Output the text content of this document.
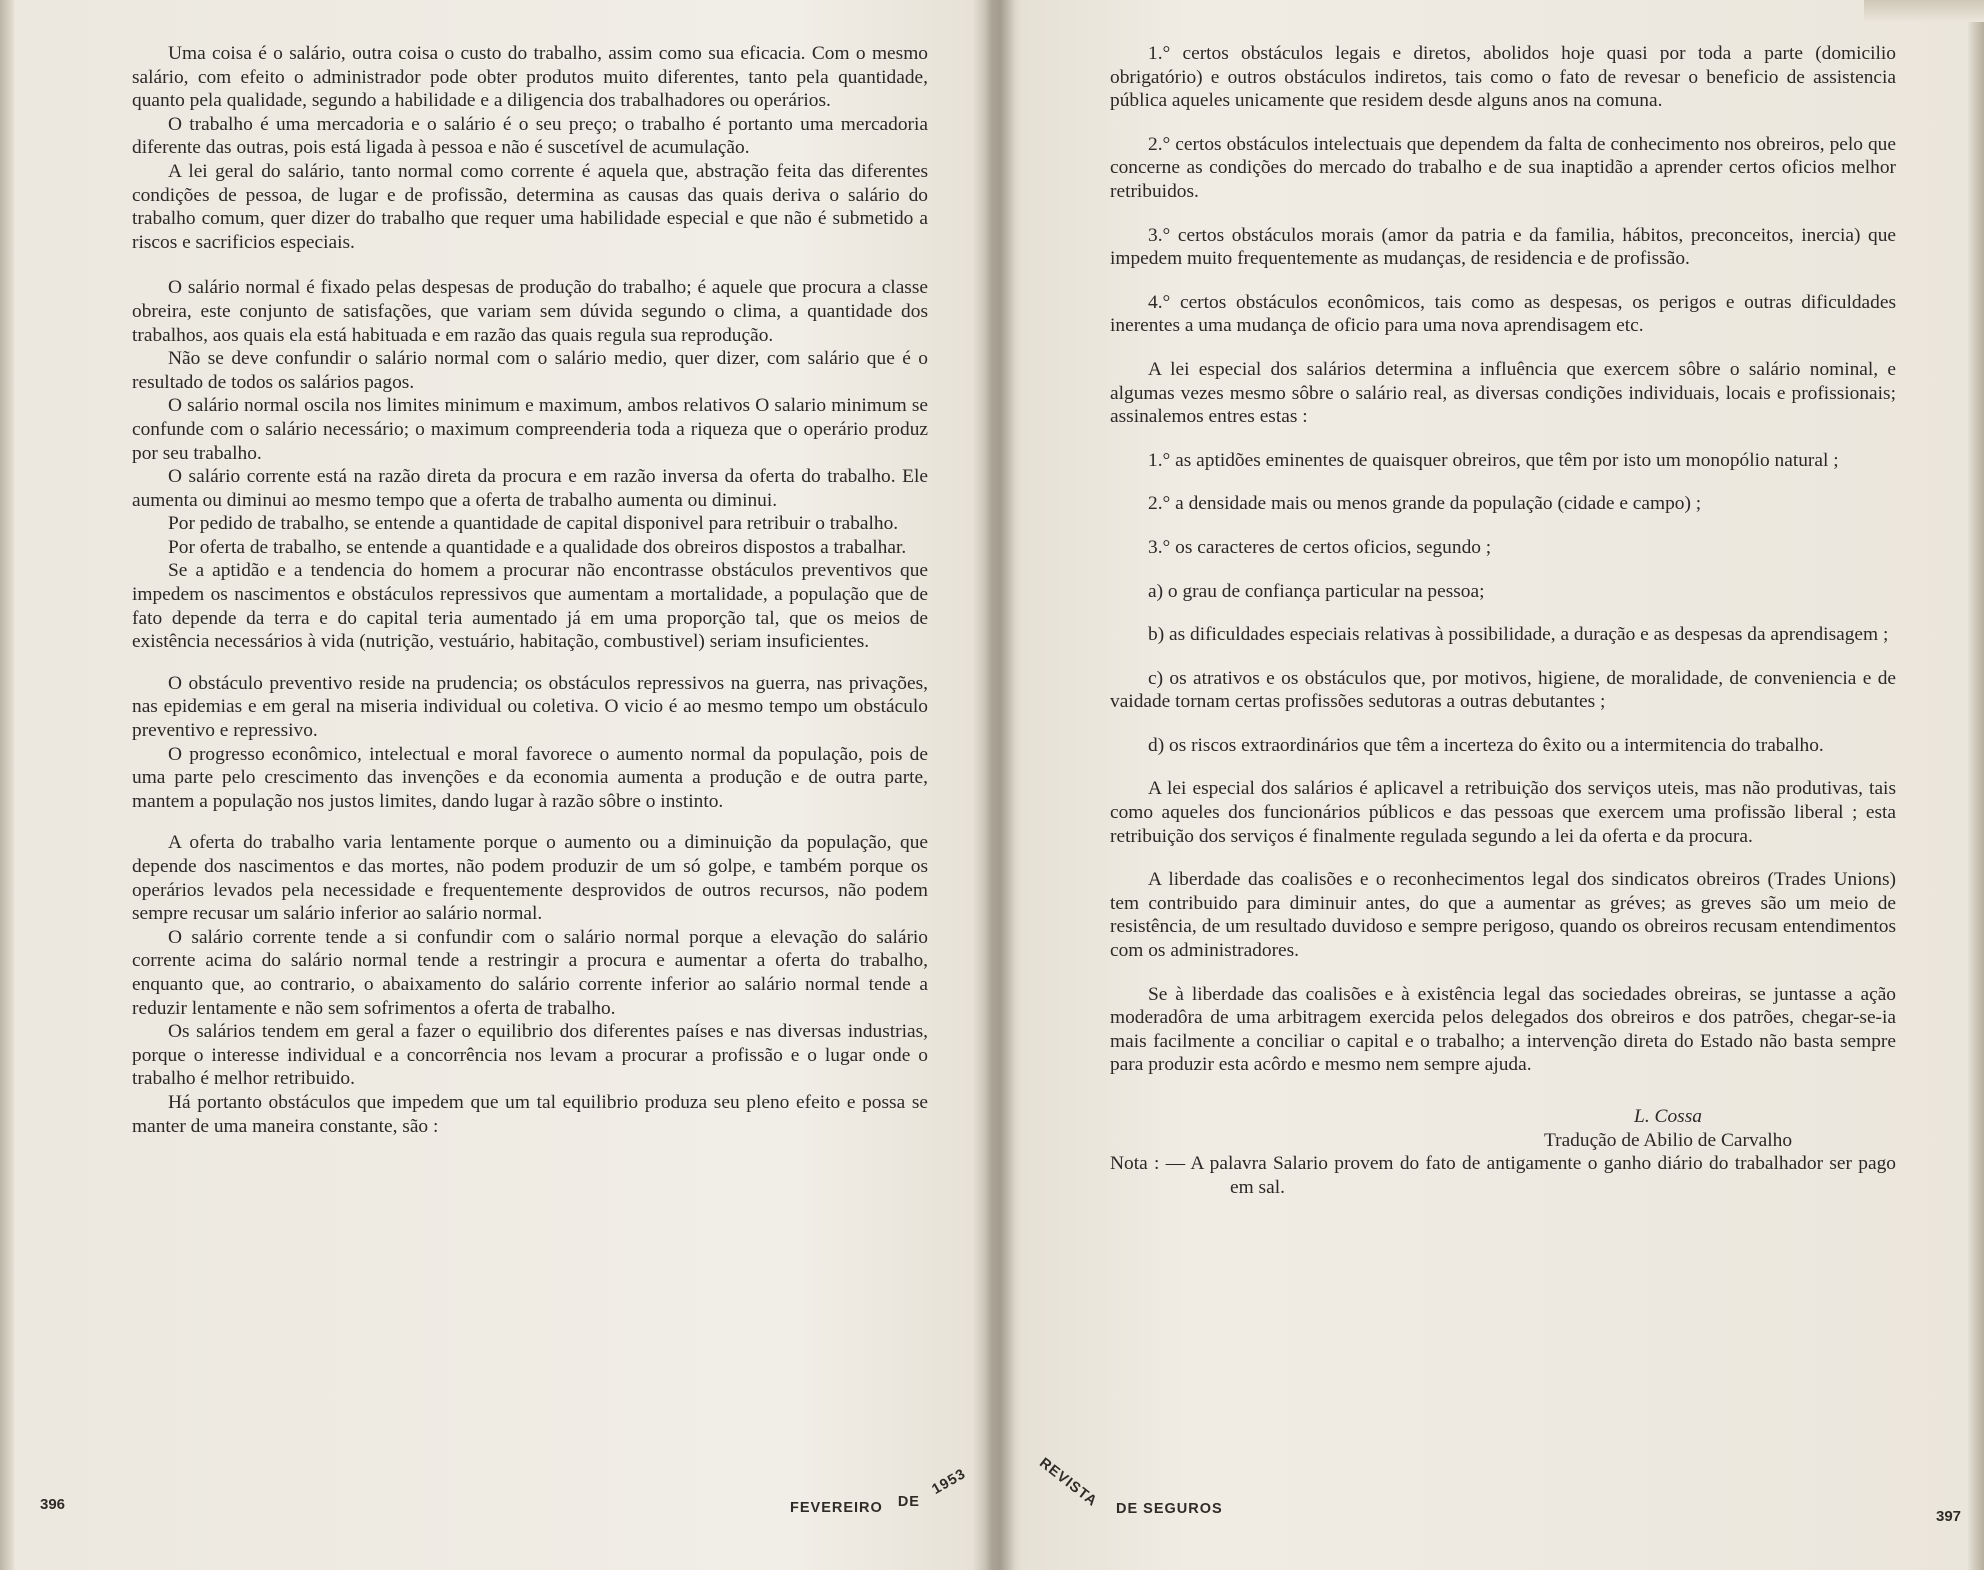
Uma coisa é o salário, outra coisa o custo do trabalho, assim como sua eficacia. Com o mesmo salário, com efeito o administrador pode obter produtos muito diferentes, tanto pela quantidade, quanto pela qualidade, segundo a habilidade e a diligencia dos trabalhadores ou operários.

O trabalho é uma mercadoria e o salário é o seu preço; o trabalho é portanto uma mercadoria diferente das outras, pois está ligada à pessoa e não é suscetível de acumulação.

A lei geral do salário, tanto normal como corrente é aquela que, abstração feita das diferentes condições de pessoa, de lugar e de profissão, determina as causas das quais deriva o salário do trabalho comum, quer dizer do trabalho que requer uma habilidade especial e que não é submetido a riscos e sacrificios especiais.

O salário normal é fixado pelas despesas de produção do trabalho; é aquele que procura a classe obreira, este conjunto de satisfações, que variam sem dúvida segundo o clima, a quantidade dos trabalhos, aos quais ela está habituada e em razão das quais regula sua reprodução.

Não se deve confundir o salário normal com o salário medio, quer dizer, com salário que é o resultado de todos os salários pagos.

O salário normal oscila nos limites minimum e maximum, ambos relativos O salario minimum se confunde com o salário necessário; o maximum compreenderia toda a riqueza que o operário produz por seu trabalho.

O salário corrente está na razão direta da procura e em razão inversa da oferta do trabalho. Ele aumenta ou diminui ao mesmo tempo que a oferta de trabalho aumenta ou diminui.

Por pedido de trabalho, se entende a quantidade de capital disponivel para retribuir o trabalho.

Por oferta de trabalho, se entende a quantidade e a qualidade dos obreiros dispostos a trabalhar.

Se a aptidão e a tendencia do homem a procurar não encontrasse obstáculos preventivos que impedem os nascimentos e obstáculos repressivos que aumentam a mortalidade, a população que de fato depende da terra e do capital teria aumentado já em uma proporção tal, que os meios de existência necessários à vida (nutrição, vestuário, habitação, combustivel) seriam insuficientes.

O obstáculo preventivo reside na prudencia; os obstáculos repressivos na guerra, nas privações, nas epidemias e em geral na miseria individual ou coletiva. O vicio é ao mesmo tempo um obstáculo preventivo e repressivo.

O progresso econômico, intelectual e moral favorece o aumento normal da população, pois de uma parte pelo crescimento das invenções e da economia aumenta a produção e de outra parte, mantem a população nos justos limites, dando lugar à razão sôbre o instinto.

A oferta do trabalho varia lentamente porque o aumento ou a diminuição da população, que depende dos nascimentos e das mortes, não podem produzir de um só golpe, e também porque os operários levados pela necessidade e frequentemente desprovidos de outros recursos, não podem sempre recusar um salário inferior ao salário normal.

O salário corrente tende a si confundir com o salário normal porque a elevação do salário corrente acima do salário normal tende a restringir a procura e aumentar a oferta do trabalho, enquanto que, ao contrario, o abaixamento do salário corrente inferior ao salário normal tende a reduzir lentamente e não sem sofrimentos a oferta de trabalho.

Os salários tendem em geral a fazer o equilibrio dos diferentes países e nas diversas industrias, porque o interesse individual e a concorrência nos levam a procurar a profissão e o lugar onde o trabalho é melhor retribuido.

Há portanto obstáculos que impedem que um tal equilibrio produza seu pleno efeito e possa se manter de uma maneira constante, são :

396	FEVEREIRO DE 1953

1.° certos obstáculos legais e diretos, abolidos hoje quasi por toda a parte (domicilio obrigatório) e outros obstáculos indiretos, tais como o fato de revesar o beneficio de assistencia pública aqueles unicamente que residem desde alguns anos na comuna.

2.° certos obstáculos intelectuais que dependem da falta de conhecimento nos obreiros, pelo que concerne as condições do mercado do trabalho e de sua inaptidão a aprender certos oficios melhor retribuidos.

3.° certos obstáculos morais (amor da patria e da familia, hábitos, preconceitos, inercia) que impedem muito frequentemente as mudanças, de residencia e de profissão.

4.° certos obstáculos econômicos, tais como as despesas, os perigos e outras dificuldades inerentes a uma mudança de oficio para uma nova aprendisagem etc.

A lei especial dos salários determina a influência que exercem sôbre o salário nominal, e algumas vezes mesmo sôbre o salário real, as diversas condições individuais, locais e profissionais; assinalemos entres estas :

1.° as aptidões eminentes de quaisquer obreiros, que têm por isto um monopólio natural ;

2.° a densidade mais ou menos grande da população (cidade e campo) ;

3.° os caracteres de certos oficios, segundo ;

a) o grau de confiança particular na pessoa;

b) as dificuldades especiais relativas à possibilidade, a duração e as despesas da aprendisagem ;

c) os atrativos e os obstáculos que, por motivos, higiene, de moralidade, de conveniencia e de vaidade tornam certas profissões sedutoras a outras debutantes ;

d) os riscos extraordinários que têm a incerteza do êxito ou a intermitencia do trabalho.

A lei especial dos salários é aplicavel a retribuição dos serviços uteis, mas não produtivas, tais como aqueles dos funcionários públicos e das pessoas que exercem uma profissão liberal ; esta retribuição dos serviços é finalmente regulada segundo a lei da oferta e da procura.

A liberdade das coalisões e o reconhecimentos legal dos sindicatos obreiros (Trades Unions) tem contribuido para diminuir antes, do que a aumentar as gréves; as greves são um meio de resistência, de um resultado duvidoso e sempre perigoso, quando os obreiros recusam entendimentos com os administradores.

Se à liberdade das coalisões e à existência legal das sociedades obreiras, se juntasse a ação moderadôra de uma arbitragem exercida pelos delegados dos obreiros e dos patrões, chegar-se-ia mais facilmente a conciliar o capital e o trabalho; a intervenção direta do Estado não basta sempre para produzir esta acôrdo e mesmo nem sempre ajuda.

L. Cossa
Tradução de Abilio de Carvalho

Nota : — A palavra Salario provem do fato de antigamente o ganho diário do trabalhador ser pago em sal.

REVISTA DE SEGUROS	397
